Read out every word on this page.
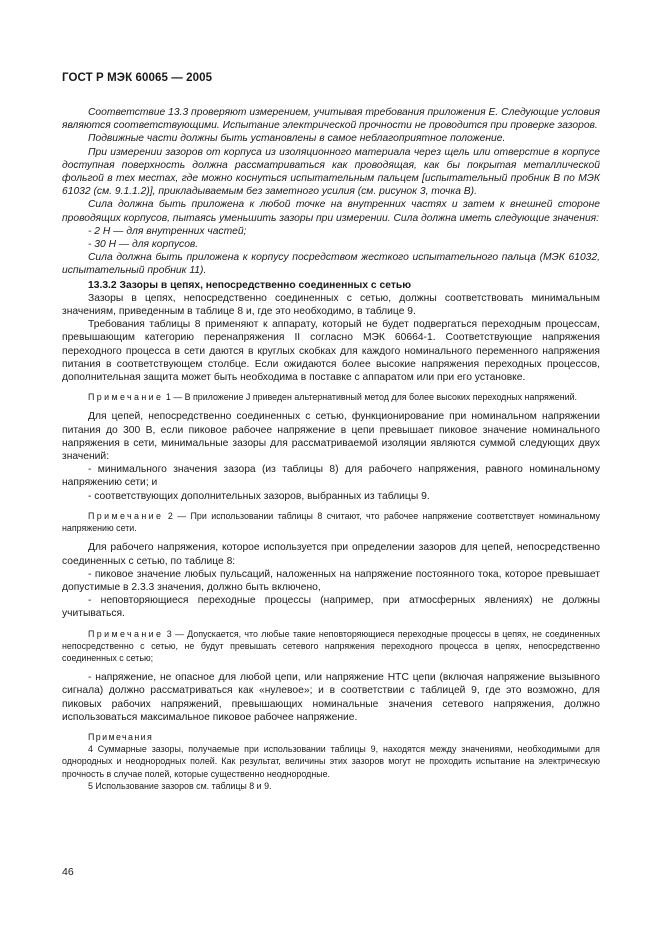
ГОСТ Р МЭК 60065 — 2005

Соответствие 13.3 проверяют измерением, учитывая требования приложения Е. Следующие условия являются соответствующими. Испытание электрической прочности не проводится при проверке зазоров.

Подвижные части должны быть установлены в самое неблагоприятное положение.

При измерении зазоров от корпуса из изоляционного материала через щель или отверстие в корпусе доступная поверхность должна рассматриваться как проводящая, как бы покрытая металлической фольгой в тех местах, где можно коснуться испытательным пальцем [испытательный пробник В по МЭК 61032 (см. 9.1.1.2)], прикладываемым без заметного усилия (см. рисунок 3, точка В).

Сила должна быть приложена к любой точке на внутренних частях и затем к внешней стороне проводящих корпусов, пытаясь уменьшить зазоры при измерении. Сила должна иметь следующие значения:

- 2 Н — для внутренних частей;

- 30 Н — для корпусов.

Сила должна быть приложена к корпусу посредством жесткого испытательного пальца (МЭК 61032, испытательный пробник 11).

13.3.2 Зазоры в цепях, непосредственно соединенных с сетью

Зазоры в цепях, непосредственно соединенных с сетью, должны соответствовать минимальным значениям, приведенным в таблице 8 и, где это необходимо, в таблице 9.

Требования таблицы 8 применяют к аппарату, который не будет подвергаться переходным процессам, превышающим категорию перенапряжения II согласно МЭК 60664-1. Соответствующие напряжения переходного процесса в сети даются в круглых скобках для каждого номинального переменного напряжения питания в соответствующем столбце. Если ожидаются более высокие напряжения переходных процессов, дополнительная защита может быть необходима в поставке с аппаратом или при его установке.

Примечание 1 — В приложение J приведен альтернативный метод для более высоких переходных напряжений.

Для цепей, непосредственно соединенных с сетью, функционирование при номинальном напряжении питания до 300 В, если пиковое рабочее напряжение в цепи превышает пиковое значение номинального напряжения в сети, минимальные зазоры для рассматриваемой изоляции являются суммой следующих двух значений:

- минимального значения зазора (из таблицы 8) для рабочего напряжения, равного номинальному напряжению сети; и

- соответствующих дополнительных зазоров, выбранных из таблицы 9.

Примечание 2 — При использовании таблицы 8 считают, что рабочее напряжение соответствует номинальному напряжению сети.

Для рабочего напряжения, которое используется при определении зазоров для цепей, непосредственно соединенных с сетью, по таблице 8:

- пиковое значение любых пульсаций, наложенных на напряжение постоянного тока, которое превышает допустимые в 2.3.3 значения, должно быть включено,

- неповторяющиеся переходные процессы (например, при атмосферных явлениях) не должны учитываться.

Примечание 3 — Допускается, что любые такие неповторяющиеся переходные процессы в цепях, не соединенных непосредственно с сетью, не будут превышать сетевого напряжения переходного процесса в цепях, непосредственно соединенных с сетью;

- напряжение, не опасное для любой цепи, или напряжение НТС цепи (включая напряжение вызывного сигнала) должно рассматриваться как «нулевое»; и в соответствии с таблицей 9, где это возможно, для пиковых рабочих напряжений, превышающих номинальные значения сетевого напряжения, должно использоваться максимальное пиковое рабочее напряжение.

Примечания

4 Суммарные зазоры, получаемые при использовании таблицы 9, находятся между значениями, необходимыми для однородных и неоднородных полей. Как результат, величины этих зазоров могут не проходить испытание на электрическую прочность в случае полей, которые существенно неоднородные.

5 Использование зазоров см. таблицы 8 и 9.

46
